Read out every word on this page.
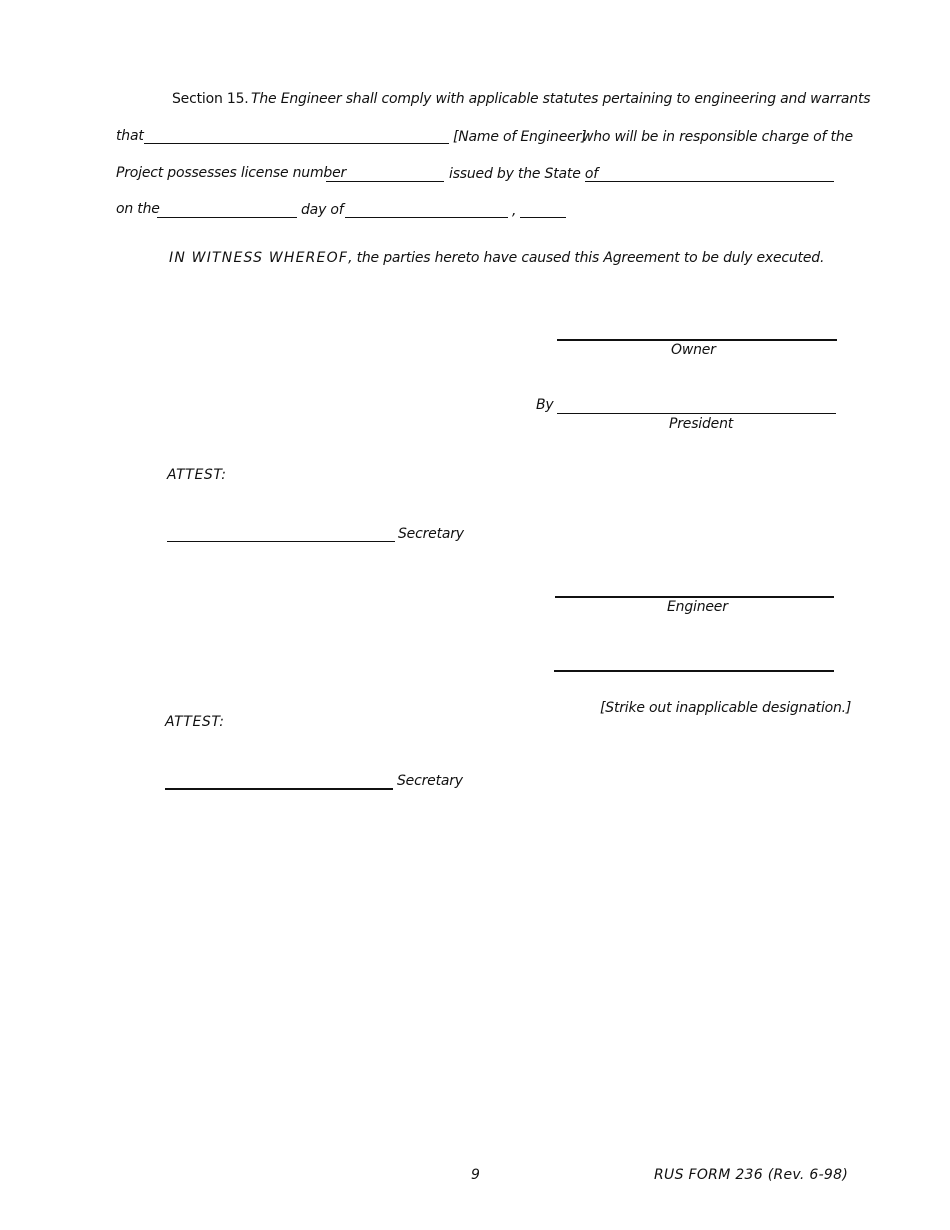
Section 15. The Engineer shall comply with applicable statutes pertaining to engineering and warrants
that	[Name of Engineer]
who will be in responsible charge of the
Project possesses license number	issued by the State of
on the	day of	,
IN WITNESS WHEREOF, the parties hereto have caused this Agreement to be duly executed.
Owner
By
President
ATTEST:
Secretary
Engineer
[Strike out inapplicable designation.]
ATTEST:
Secretary
9	RUS FORM 236 (Rev. 6-98)
